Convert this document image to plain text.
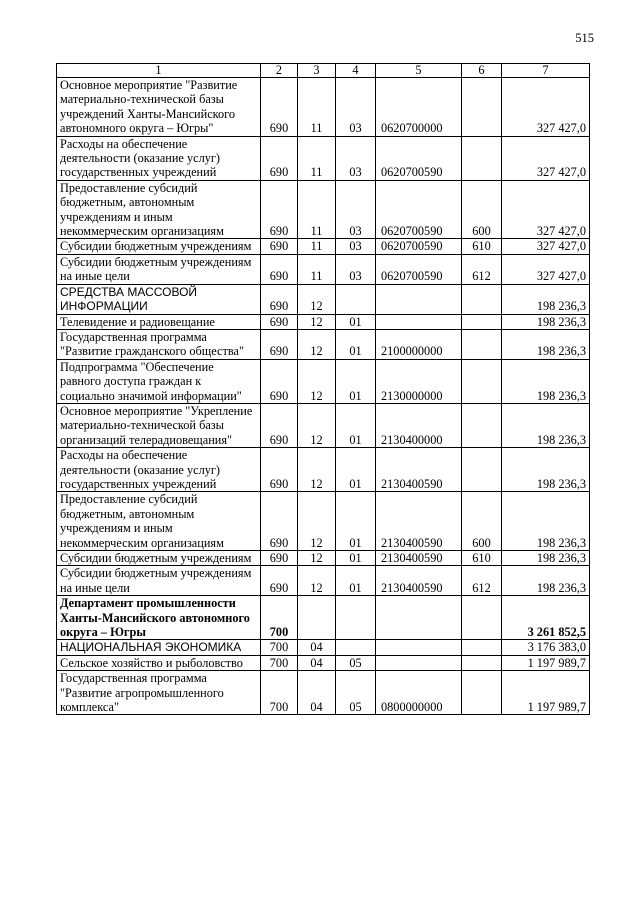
515
1	2	3	4	5	6	7
Основное мероприятие "Развитие материально-технической базы учреждений Ханты-Мансийского автономного округа – Югры"	690	11	03	0620700000		327 427,0
Расходы на обеспечение деятельности (оказание услуг) государственных учреждений	690	11	03	0620700590		327 427,0
Предоставление субсидий бюджетным, автономным учреждениям и иным некоммерческим организациям	690	11	03	0620700590	600	327 427,0
Субсидии бюджетным учреждениям	690	11	03	0620700590	610	327 427,0
Субсидии бюджетным учреждениям на иные цели	690	11	03	0620700590	612	327 427,0
СРЕДСТВА МАССОВОЙ ИНФОРМАЦИИ	690	12				198 236,3
Телевидение и радиовещание	690	12	01			198 236,3
Государственная программа "Развитие гражданского общества"	690	12	01	2100000000		198 236,3
Подпрограмма "Обеспечение равного доступа граждан к социально значимой информации"	690	12	01	2130000000		198 236,3
Основное мероприятие "Укрепление материально-технической базы организаций телерадиовещания"	690	12	01	2130400000		198 236,3
Расходы на обеспечение деятельности (оказание услуг) государственных учреждений	690	12	01	2130400590		198 236,3
Предоставление субсидий бюджетным, автономным учреждениям и иным некоммерческим организациям	690	12	01	2130400590	600	198 236,3
Субсидии бюджетным учреждениям	690	12	01	2130400590	610	198 236,3
Субсидии бюджетным учреждениям на иные цели	690	12	01	2130400590	612	198 236,3
Департамент промышленности Ханты-Мансийского автономного округа – Югры	700					3 261 852,5
НАЦИОНАЛЬНАЯ ЭКОНОМИКА	700	04				3 176 383,0
Сельское хозяйство и рыболовство	700	04	05			1 197 989,7
Государственная программа "Развитие агропромышленного комплекса"	700	04	05	0800000000		1 197 989,7
